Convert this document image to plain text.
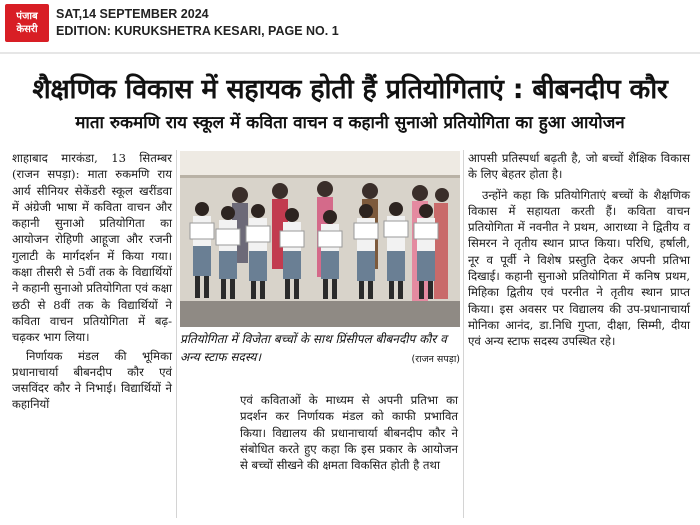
पंजाब
केसरी
SAT,14 SEPTEMBER 2024
EDITION: KURUKSHETRA KESARI, PAGE NO. 1
शैक्षणिक विकास में सहायक होती हैं प्रतियोगिताएं : बीबनदीप कौर
माता रुकमणि राय स्कूल में कविता वाचन व कहानी सुनाओ प्रतियोगिता का हुआ आयोजन

शाहाबाद मारकंडा, 13 सितम्बर (राजन सपड़ा): माता रुकमणि राय आर्य सीनियर सेकेंडरी स्कूल खरींडवा में अंग्रेजी भाषा में कविता वाचन और कहानी सुनाओ प्रतियोगिता का आयोजन रोहिणी आहूजा और रजनी गुलाटी के मार्गदर्शन में किया गया। कक्षा तीसरी से 5वीं तक के विद्यार्थियों ने कहानी सुनाओ प्रतियोगिता एवं कक्षा छठी से 8वीं तक के विद्यार्थियों ने कविता वाचन प्रतियोगिता में बढ़-चढ़कर भाग लिया।

निर्णायक मंडल की भूमिका प्रधानाचार्या बीबनदीप कौर एवं जसविंदर कौर ने निभाई। विद्यार्थियों ने कहानियों

प्रतियोगिता में विजेता बच्चों के साथ प्रिंसीपल बीबनदीप कौर व अन्य स्टाफ सदस्य।	(राजन सपड़ा)

एवं कविताओं के माध्यम से अपनी प्रतिभा का प्रदर्शन कर निर्णायक मंडल को काफी प्रभावित किया। विद्यालय की प्रधानाचार्या बीबनदीप कौर ने संबोधित करते हुए कहा कि इस प्रकार के आयोजन से बच्चों सीखने की क्षमता विकसित होती है तथा

आपसी प्रतिस्पर्धा बढ़ती है, जो बच्चों शैक्षिक विकास के लिए बेहतर होता है।

उन्होंने कहा कि प्रतियोगिताएं बच्चों के शैक्षणिक विकास में सहायता करती हैं। कविता वाचन प्रतियोगिता में नवनीत ने प्रथम, आराध्या ने द्वितीय व सिमरन ने तृतीय स्थान प्राप्त किया। परिधि, हर्षाली, नूर व पूर्वी ने विशेष प्रस्तुति देकर अपनी प्रतिभा दिखाई। कहानी सुनाओ प्रतियोगिता में कनिष प्रथम, मिहिका द्वितीय एवं परनीत ने तृतीय स्थान प्राप्त किया। इस अवसर पर विद्यालय की उप-प्रधानाचार्या मोनिका आनंद, डा.निधि गुप्ता, दीक्षा, सिम्मी, दीया एवं अन्य स्टाफ सदस्य उपस्थित रहे।
